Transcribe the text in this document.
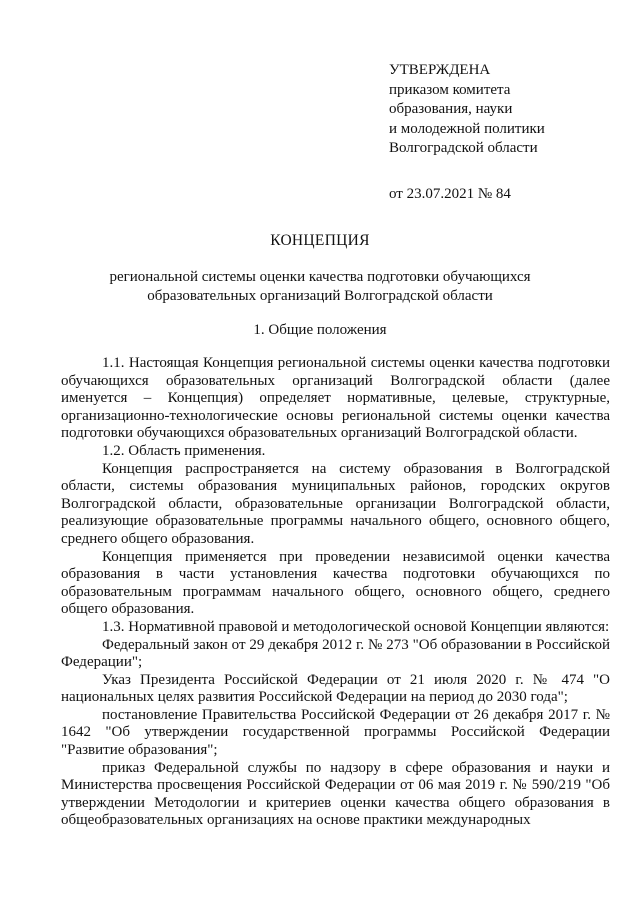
УТВЕРЖДЕНА
приказом комитета
образования, науки
и молодежной политики
Волгоградской области
от 23.07.2021 № 84
КОНЦЕПЦИЯ
региональной системы оценки качества подготовки обучающихся
образовательных организаций Волгоградской области
1. Общие положения

1.1. Настоящая Концепция региональной системы оценки качества подготовки обучающихся образовательных организаций Волгоградской области (далее именуется – Концепция) определяет нормативные, целевые, структурные, организационно-технологические основы региональной системы оценки качества подготовки обучающихся образовательных организаций Волгоградской области.

1.2. Область применения.

Концепция распространяется на систему образования в Волгоградской области, системы образования муниципальных районов, городских округов Волгоградской области, образовательные организации Волгоградской области, реализующие образовательные программы начального общего, основного общего, среднего общего образования.

Концепция применяется при проведении независимой оценки качества образования в части установления качества подготовки обучающихся по образовательным программам начального общего, основного общего, среднего общего образования.

1.3. Нормативной правовой и методологической основой Концепции являются:

Федеральный закон от 29 декабря 2012 г. № 273 "Об образовании в Российской Федерации";

Указ Президента Российской Федерации от 21 июля 2020 г. № 474 "О национальных целях развития Российской Федерации на период до 2030 года";

постановление Правительства Российской Федерации от 26 декабря 2017 г. № 1642 "Об утверждении государственной программы Российской Федерации "Развитие образования";

приказ Федеральной службы по надзору в сфере образования и науки и Министерства просвещения Российской Федерации от 06 мая 2019 г. № 590/219 "Об утверждении Методологии и критериев оценки качества общего образования в общеобразовательных организациях на основе практики международных
